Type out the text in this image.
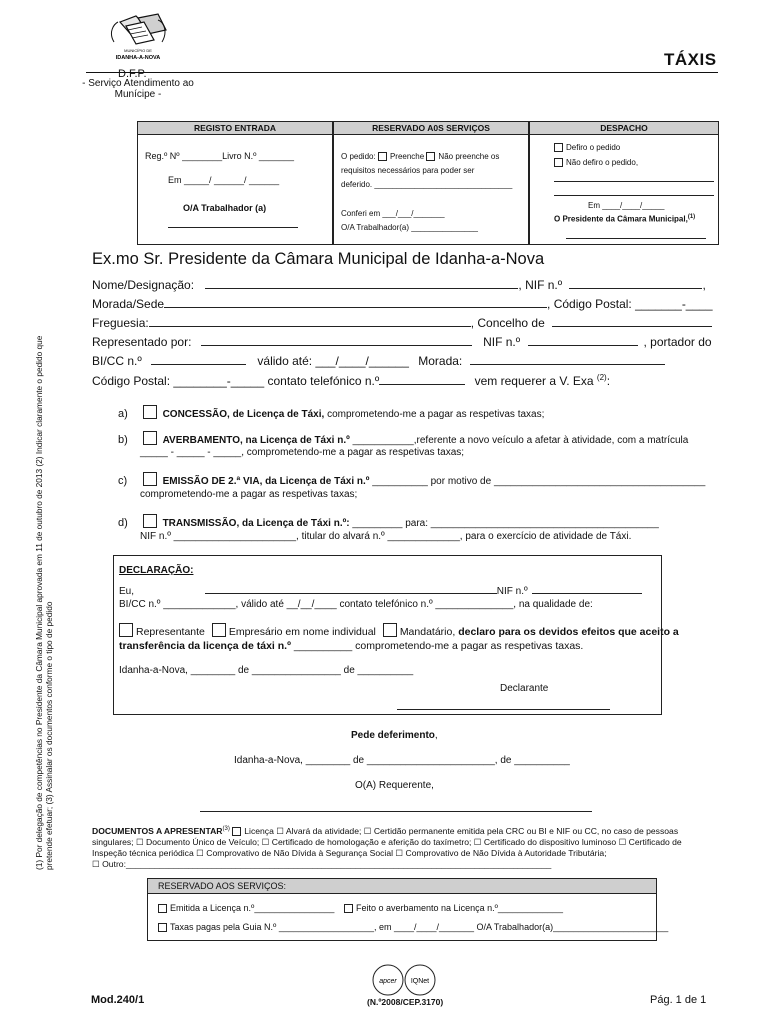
MUNICÍPIO DE
IDANHA-A-NOVA	TÁXIS
D.F.P.
- Serviço Atendimento ao Munícipe -
REGISTO ENTRADA
Reg.º Nº ________Livro N.º _______
Em _____/ ______/ ______
O/A Trabalhador (a)
RESERVADO A0S SERVIÇOS
O pedido: Preenche Não preenche os
requisitos necessários para poder ser
deferido. _______________________________
Conferi em ___/___/_______
O/A Trabalhador(a) _______________
DESPACHO
Defiro o pedido
Não defiro o pedido,
Em ____/____/_____
O Presidente da Câmara Municipal,$^{(1)}$
Ex.mo Sr. Presidente da Câmara Municipal de Idanha-a-Nova
Nome/Designação:	, NIF n.º	,
Morada/Sede	, Código Postal: _______-____
Freguesia:	, Concelho de
Representado por:	NIF n.º	, portador do
BI/CC n.º	válido até: ___/____/______ Morada:
Código Postal: ________-_____ contato telefónico n.º	vem requerer a V. Exa $^{(2)}$:
a)	CONCESSÃO, de Licença de Táxi, comprometendo-me a pagar as respetivas taxas;
b)	AVERBAMENTO, na Licença de Táxi n.º ___________,referente a novo veículo a afetar à atividade, com a matrícula
_____ - _____ - _____, comprometendo-me a pagar as respetivas taxas;
c)	EMISSÃO DE 2.ª VIA, da Licença de Táxi n.º __________ por motivo de ______________________________________
comprometendo-me a pagar as respetivas taxas;
d)	TRANSMISSÃO, da Licença de Táxi n.º: _________ para: _________________________________________
NIF n.º ______________________, titular do alvará n.º _____________, para o exercício de atividade de Táxi.
DECLARAÇÃO:
Eu,	NIF n.º
BI/CC n.º _____________, válido até __/__/____ contato telefónico n.º ______________, na qualidade de:
Representante Empresário em nome individual Mandatário, declaro para os devidos efeitos que aceito a
transferência da licença de táxi n.º __________ comprometendo-me a pagar as respetivas taxas.
Idanha-a-Nova, ________ de ________________ de __________
Declarante
Pede deferimento,
Idanha-a-Nova, ________ de _______________________, de __________
O(A) Requerente,
DOCUMENTOS A APRESENTAR$^{(3)}$ Licença ☐ Alvará da atividade; ☐ Certidão permanente emitida pela CRC ou BI e NIF ou CC, no caso de pessoas
singulares; ☐ Documento Único de Veículo; ☐ Certificado de homologação e aferição do taxímetro; ☐ Certificado do dispositivo luminoso ☐ Certificado de
Inspeção técnica periódica ☐ Comprovativo de Não Dívida à Segurança Social ☐ Comprovativo de Não Dívida à Autoridade Tributária;
☐ Outro:_________________________________________________________________________________________
RESERVADO AOS SERVIÇOS:
Emitida a Licença n.º________________	Feito o averbamento na Licença n.º_____________
Taxas pagas pela Guia N.º ___________________, em ____/____/_______ O/A Trabalhador(a)_______________________
(1) Por delegação de competências no Presidente da Câmara Municipal aprovada em 11 de outubro de 2013 (2) Indicar claramente o pedido que pretende efetuar; (3) Assinalar os documentos conforme o tipo de pedido
apcer IQNet
Mod.240/1	(N.º2008/CEP.3170)	Pág. 1 de 1
